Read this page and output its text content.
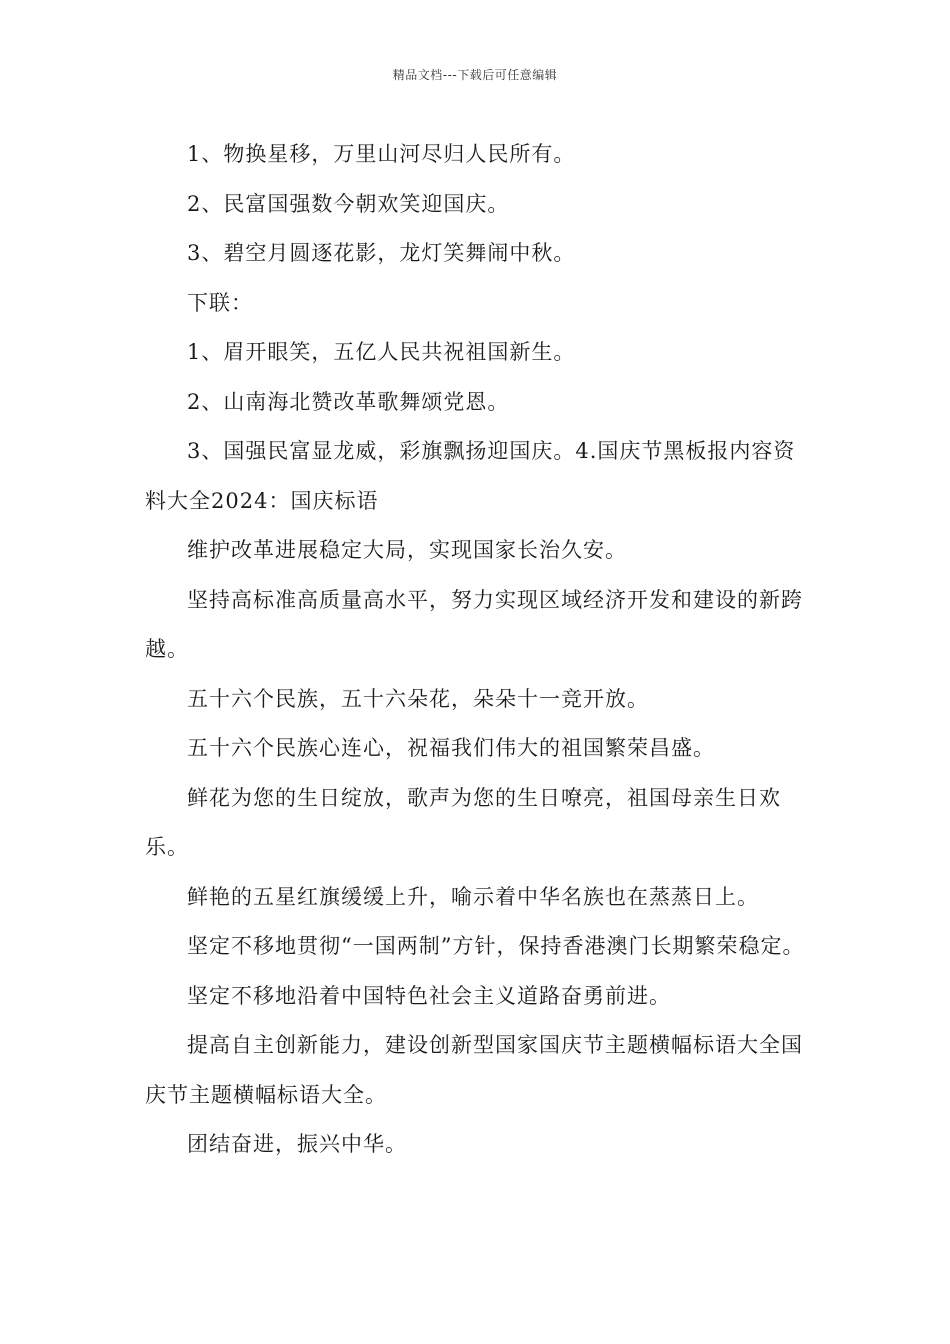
精品文档---下载后可任意编辑

1、物换星移，万里山河尽归人民所有。

2、民富国强数今朝欢笑迎国庆。

3、碧空月圆逐花影，龙灯笑舞闹中秋。

下联：

1、眉开眼笑，五亿人民共祝祖国新生。

2、山南海北赞改革歌舞颂党恩。

3、国强民富显龙威，彩旗飘扬迎国庆。4.国庆节黑板报内容资料大全2024：国庆标语

维护改革进展稳定大局，实现国家长治久安。

坚持高标准高质量高水平，努力实现区域经济开发和建设的新跨越。

五十六个民族，五十六朵花，朵朵十一竞开放。

五十六个民族心连心，祝福我们伟大的祖国繁荣昌盛。

鲜花为您的生日绽放，歌声为您的生日嘹亮，祖国母亲生日欢乐。

鲜艳的五星红旗缓缓上升，喻示着中华名族也在蒸蒸日上。

坚定不移地贯彻“一国两制”方针，保持香港澳门长期繁荣稳定。

坚定不移地沿着中国特色社会主义道路奋勇前进。

提高自主创新能力，建设创新型国家国庆节主题横幅标语大全国庆节主题横幅标语大全。

团结奋进，振兴中华。
